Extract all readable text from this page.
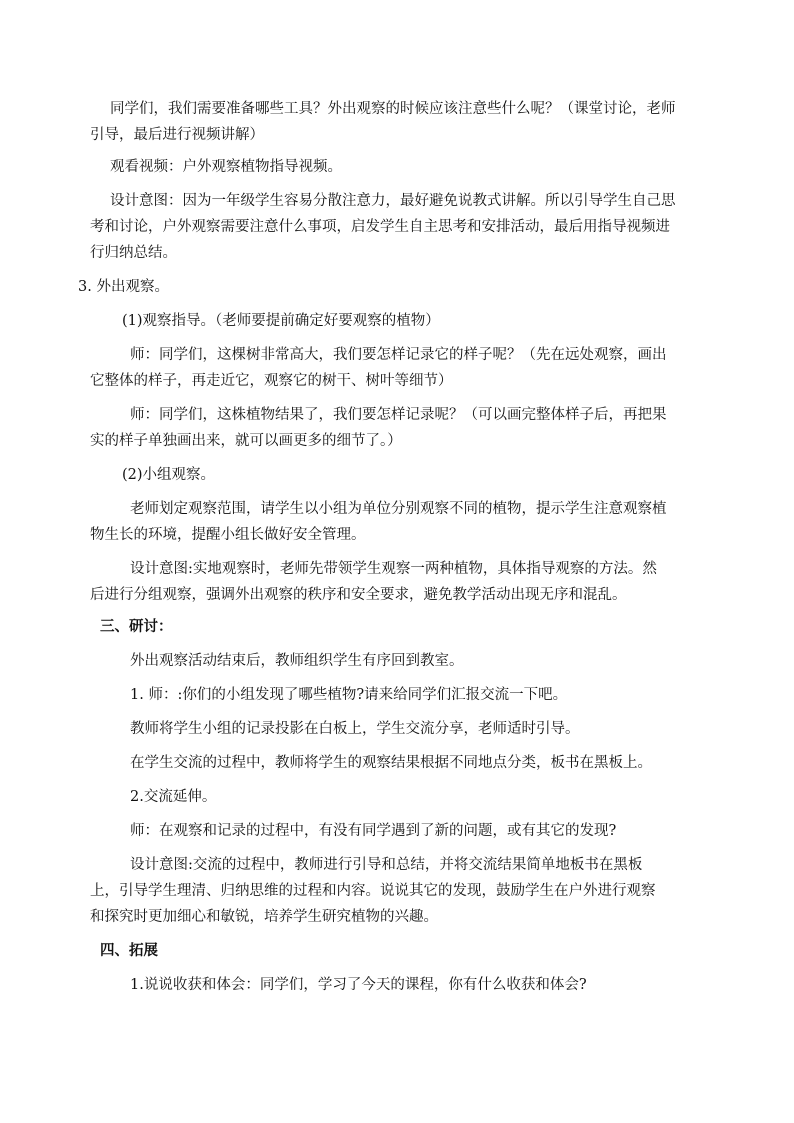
同学们，我们需要准备哪些工具？外出观察的时候应该注意些什么呢？（课堂讨论，老师
引导，最后进行视频讲解）

观看视频：户外观察植物指导视频。

设计意图：因为一年级学生容易分散注意力，最好避免说教式讲解。所以引导学生自己思
考和讨论，户外观察需要注意什么事项，启发学生自主思考和安排活动，最后用指导视频进
行归纳总结。

3. 外出观察。

(1)观察指导。（老师要提前确定好要观察的植物）

师：同学们，这棵树非常高大，我们要怎样记录它的样子呢？（先在远处观察，画出
它整体的样子，再走近它，观察它的树干、树叶等细节）

师：同学们，这株植物结果了，我们要怎样记录呢？（可以画完整体样子后，再把果
实的样子单独画出来，就可以画更多的细节了。）

(2)小组观察。

老师划定观察范围，请学生以小组为单位分别观察不同的植物，提示学生注意观察植
物生长的环境，提醒小组长做好安全管理。

设计意图:实地观察时，老师先带领学生观察一两种植物，具体指导观察的方法。然
后进行分组观察，强调外出观察的秩序和安全要求，避免教学活动出现无序和混乱。

三、研讨：

外出观察活动结束后，教师组织学生有序回到教室。

1. 师：:你们的小组发现了哪些植物?请来给同学们汇报交流一下吧。

教师将学生小组的记录投影在白板上，学生交流分享，老师适时引导。

在学生交流的过程中，教师将学生的观察结果根据不同地点分类，板书在黑板上。

2.交流延伸。

师：在观察和记录的过程中，有没有同学遇到了新的问题，或有其它的发现?

设计意图:交流的过程中，教师进行引导和总结，并将交流结果简单地板书在黑板
上，引导学生理清、归纳思维的过程和内容。说说其它的发现，鼓励学生在户外进行观察
和探究时更加细心和敏锐，培养学生研究植物的兴趣。

四、拓展

1.说说收获和体会：同学们，学习了今天的课程，你有什么收获和体会?
